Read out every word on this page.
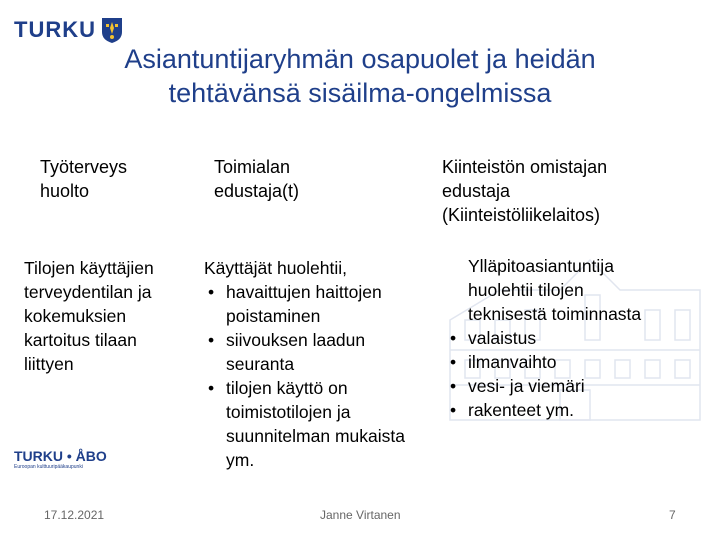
TURKU
Asiantuntijaryhmän osapuolet ja heidän
tehtävänsä sisäilma-ongelmissa
Työterveys
huolto
Tilojen käyttäjien
terveydentilan ja
kokemuksien
kartoitus tilaan
liittyen
Toimialan
edustaja(t)
Käyttäjät huolehtii,
• havaittujen haittojen
poistaminen
• siivouksen laadun
seuranta
• tilojen käyttö on
toimistotilojen ja
suunnitelman mukaista
ym.
Kiinteistön omistajan
edustaja
(Kiinteistöliikelaitos)
Ylläpitoasiantuntija
huolehtii tilojen
teknisestä toiminnasta
• valaistus
• ilmanvaihto
• vesi- ja viemäri
• rakenteet ym.
TURKU • ÅBO
Euroopan kulttuuripääkaupunki
17.12.2021	Janne Virtanen	7
